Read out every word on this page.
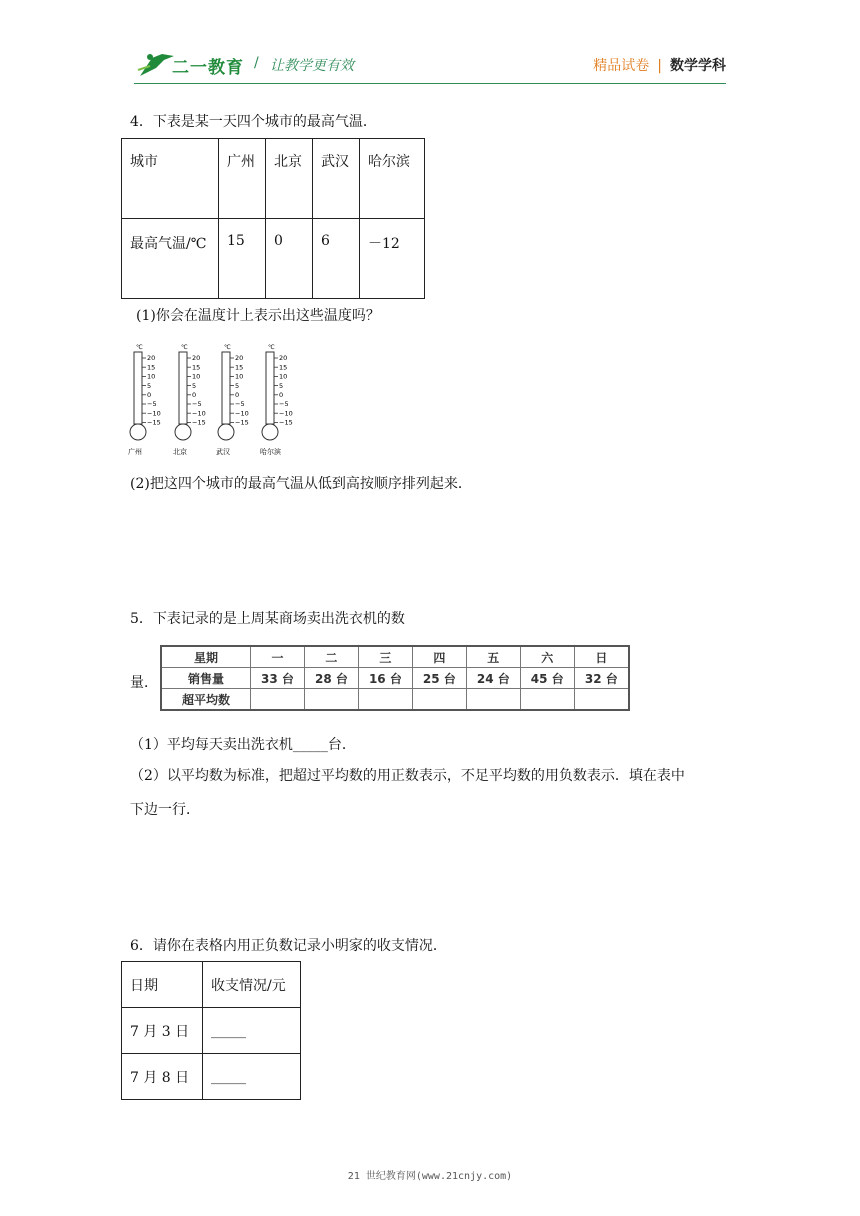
二一教育 / 让教学更有效	精品试卷 | 数学学科
4．下表是某一天四个城市的最高气温．
城市	广州	北京	武汉	哈尔滨
最高气温/℃	15	0	6	－12
(1)你会在温度计上表示出这些温度吗？
℃
20
15
10
5
0
−5
−10
−15
广州
℃
20
15
10
5
0
−5
−10
−15
北京
℃
20
15
10
5
0
−5
−10
−15
武汉
℃
20
15
10
5
0
−5
−10
−15
哈尔滨
(2)把这四个城市的最高气温从低到高按顺序排列起来．
5．下表记录的是上周某商场卖出洗衣机的数
量．
星期	一	二	三	四	五	六	日
销售量	33 台	28 台	16 台	25 台	24 台	45 台	32 台
超平均数							
（1）平均每天卖出洗衣机_____台．
（2）以平均数为标准，把超过平均数的用正数表示，不足平均数的用负数表示．填在表中
下边一行．
6．请你在表格内用正负数记录小明家的收支情况．
日期	收支情况/元
7 月 3 日	_____
7 月 8 日	_____
21 世纪教育网(www.21cnjy.com)
